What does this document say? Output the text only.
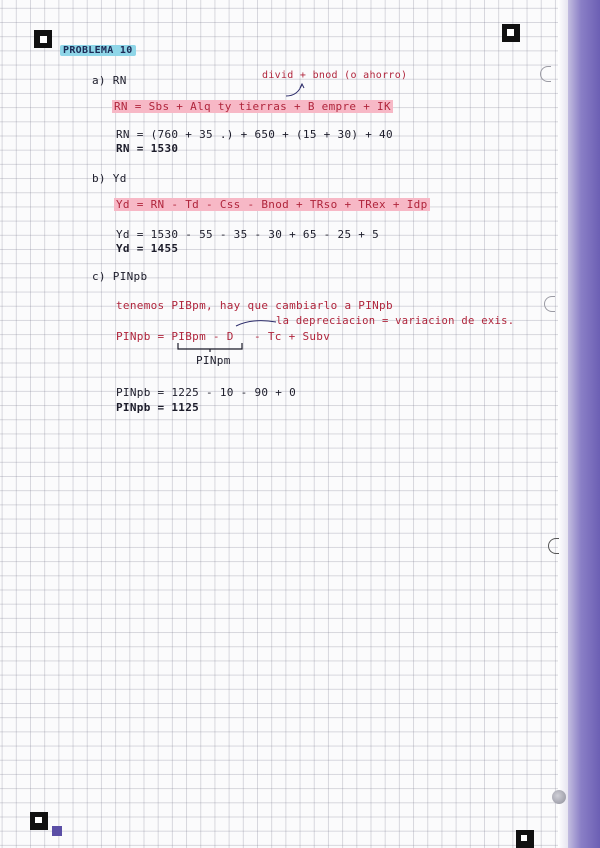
PROBLEMA 10
a) RN	divid + bnod (o ahorro)
RN = Sbs + Alq ty tierras + B empre + IK
RN = (760 + 35 .) + 650 + (15 + 30) + 40
RN = 1530
b) Yd
Yd = RN - Td - Css - Bnod + TRso + TRex + Idp
Yd = 1530 - 55 - 35 - 30 + 65 - 25 + 5
Yd = 1455
c) PINpb
tenemos PIBpm, hay que cambiarlo a PINpb
la depreciacion = variacion de exis.
PINpb = PIBpm - D - Tc + Subv
PINpm
PINpb = 1225 - 10 - 90 + 0
PINpb = 1125
